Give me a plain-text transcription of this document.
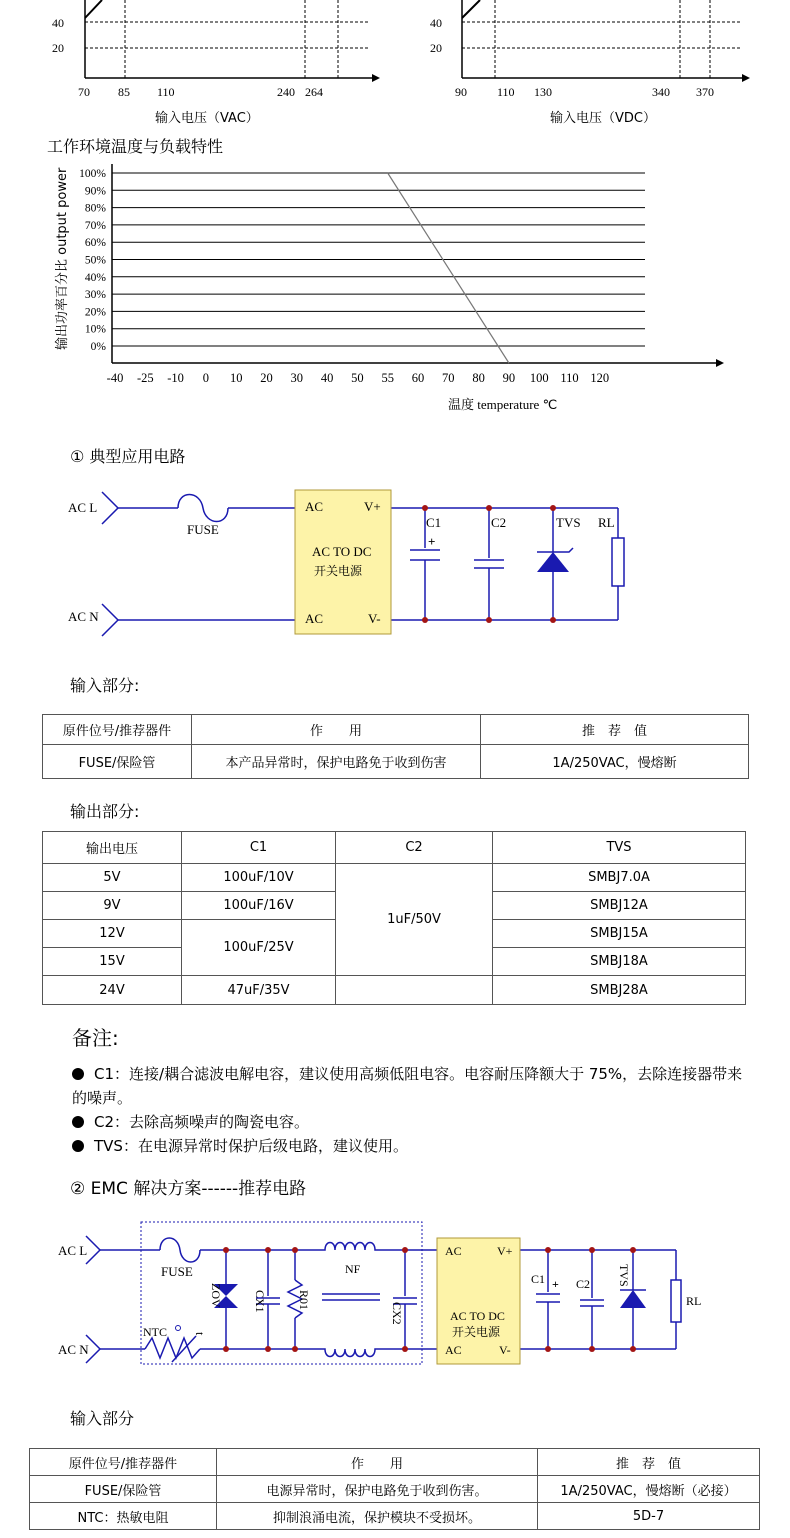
40
20
70 85 110	240 264
输入电压（VAC）
40
20
90	110 130	340 370
输入电压（VDC）
工作环境温度与负载特性
0%
10%
20%
30%
40%
50%
60%
70%
80%
90%
100%
-40 -25 -10 0 10 20 30 40 50 55 60 70 80 90 100 110 120
输出功率百分比 output power
温度 temperature ℃
① 典型应用电路
AC L
AC N
FUSE
AC
AC
V+
V-
AC TO DC
开关电源
C1
+
C2	TVS RL
输入部分:
原件位号/推荐器件	作　　用	推　荐　值
FUSE/保险管	本产品异常时，保护电路免于收到伤害	1A/250VAC，慢熔断
输出部分:
输出电压	C1	C2	TVS
5V	100uF/10V	1uF/50V	SMBJ7.0A
9V	100uF/16V		SMBJ12A
12V	100uF/25V		SMBJ15A
15V			SMBJ18A
24V	47uF/35V		SMBJ28A
备注:

C1：连接/耦合滤波电解电容，建议使用高频低阻电容。电容耐压降额大于 75%，去除连接器带来的噪声。

C2：去除高频噪声的陶瓷电容。

TVS：在电源异常时保护后级电路，建议使用。

② EMC 解决方案------推荐电路
AC L
AC N
FUSE
NTC t
ZOV	CX1	R01
NF
CX2
AC
AC
V+
V-
AC TO DC
开关电源
C1 + C2 TVS
RL
输入部分
原件位号/推荐器件	作　　用	推　荐　值
FUSE/保险管	电源异常时，保护电路免于收到伤害。	1A/250VAC，慢熔断（必接）
NTC：热敏电阻	抑制浪涌电流，保护模块不受损坏。	5D-7
